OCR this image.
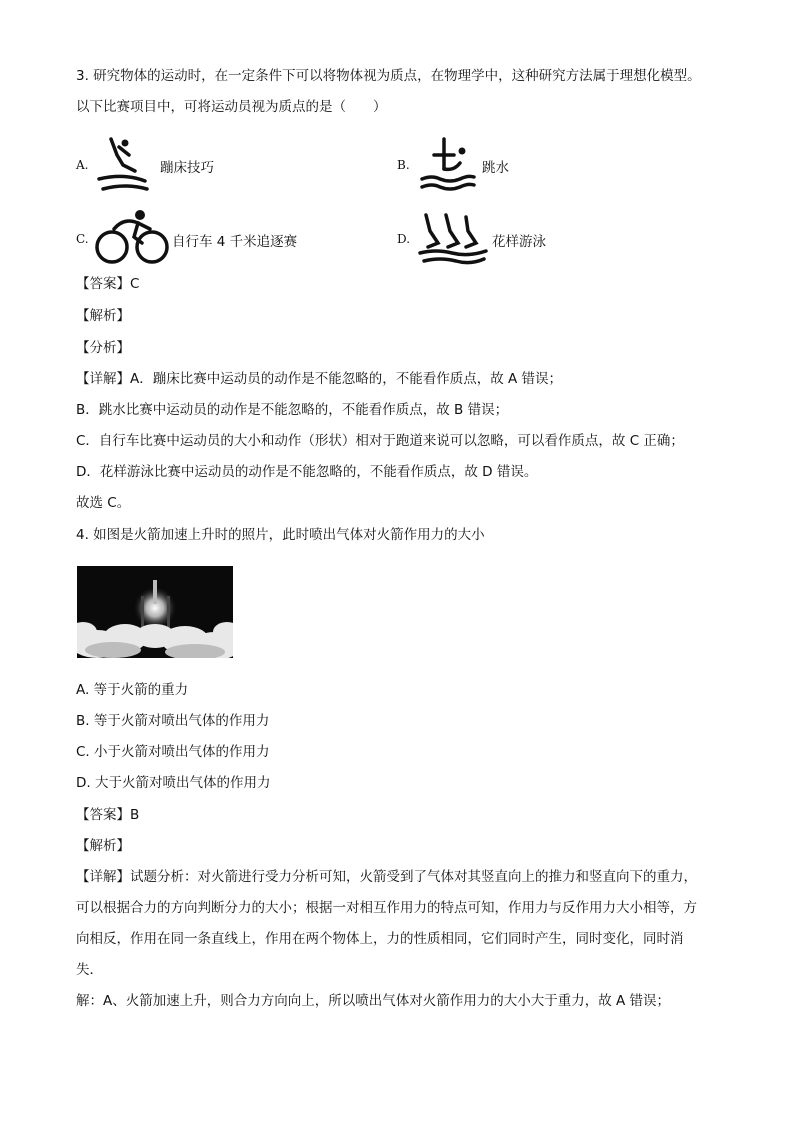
3. 研究物体的运动时，在一定条件下可以将物体视为质点，在物理学中，这种研究方法属于理想化模型。
以下比赛项目中，可将运动员视为质点的是（　　）
A.	蹦床技巧	B.	跳水
C.	自行车 4 千米追逐赛	D.	花样游泳
【答案】C
【解析】
【分析】
【详解】A．蹦床比赛中运动员的动作是不能忽略的，不能看作质点，故 A 错误；
B．跳水比赛中运动员的动作是不能忽略的，不能看作质点，故 B 错误；
C．自行车比赛中运动员的大小和动作（形状）相对于跑道来说可以忽略，可以看作质点，故 C 正确；
D．花样游泳比赛中运动员的动作是不能忽略的，不能看作质点，故 D 错误。
故选 C。
4. 如图是火箭加速上升时的照片，此时喷出气体对火箭作用力的大小
A. 等于火箭的重力
B. 等于火箭对喷出气体的作用力
C. 小于火箭对喷出气体的作用力
D. 大于火箭对喷出气体的作用力
【答案】B
【解析】
【详解】试题分析：对火箭进行受力分析可知，火箭受到了气体对其竖直向上的推力和竖直向下的重力，
可以根据合力的方向判断分力的大小；根据一对相互作用力的特点可知，作用力与反作用力大小相等，方
向相反，作用在同一条直线上，作用在两个物体上，力的性质相同，它们同时产生，同时变化，同时消
失．
解：A、火箭加速上升，则合力方向向上，所以喷出气体对火箭作用力的大小大于重力，故 A 错误；
